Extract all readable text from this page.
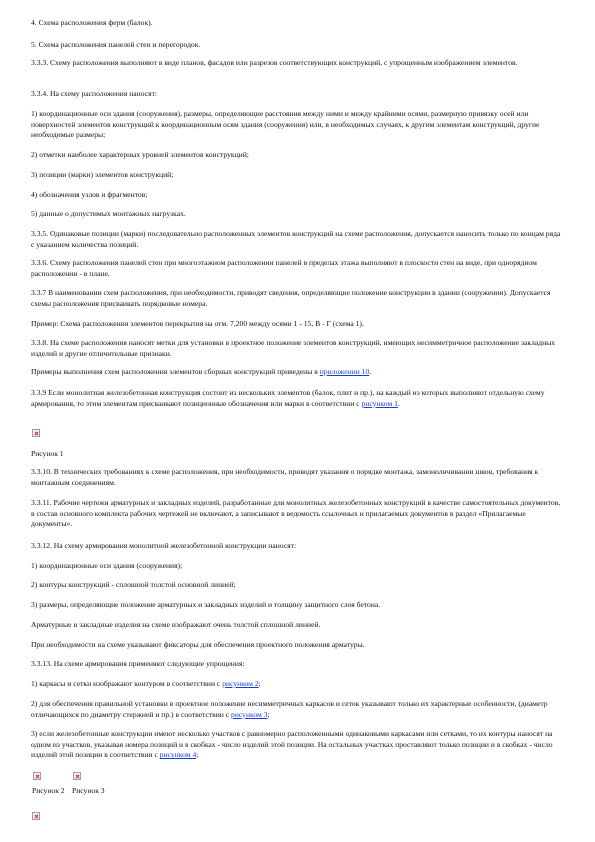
4. Схема расположения ферм (балок).

5. Схема расположения панелей стен и перегородок.

3.3.3. Схему расположения выполняют в виде планов, фасадов или разрезов соответствующих конструкций, с упрощенным изображением элементов.

3.3.4. На схему расположения наносят:

1) координационные оси здания (сооружения), размеры, определяющие расстояния между ними и между крайними осями, размерную привязку осей или поверхностей элементов конструкций к координационным осям здания (сооружения) или, в необходимых случаях, к другим элементам конструкций, другие необходимые размеры;

2) отметки наиболее характерных уровней элементов конструкций;

3) позиции (марки) элементов конструкций;

4) обозначения узлов и фрагментов;

5) данные о допустимых монтажных нагрузках.

3.3.5. Одинаковые позиции (марки) последовательно расположенных элементов конструкций на схеме расположения, допускается наносить только по концам ряда с указанием количества позиций.

3.3.6. Схему расположения панелей стен при многоэтажном расположении панелей в пределах этажа выполняют в плоскости стен на виде, при однорядном расположении - в плане.

3.3.7 В наименовании схем расположения, при необходимости, приводят сведения, определяющие положение конструкции в здании (сооружении). Допускается схемы расположения присваивать порядковые номера.

Пример: Схема расположения элементов перекрытия на отм. 7,200 между осями 1 - 15, В - Г (схема 1).

3.3.8. На схеме расположения наносят метки для установки в проектное положение элементов конструкций, имеющих несимметричное расположение закладных изделий и другие отличительные признаки.

Примеры выполнения схем расположения элементов сборных конструкций приведены в приложении 10.

3.3.9 Если монолитная железобетонная конструкция состоит из нескольких элементов (балок, плит и пр.), на каждый из которых выполняют отдельную схему армирования, то этим элементам присваивают позиционные обозначения или марки в соответствии с рисунком 1.

Рисунок 1

3.3.10. В технических требованиях к схеме расположения, при необходимости, приводят указания о порядке монтажа, замоноличивании швов, требования к монтажным соединениям.

3.3.11. Рабочие чертежи арматурных и закладных изделий, разработанные для монолитных железобетонных конструкций в качестве самостоятельных документов, в состав основного комплекта рабочих чертежей не включают, а записывают в ведомость ссылочных и прилагаемых документов в раздел «Прилагаемые документы».

3.3.12. На схему армирования монолитной железобетонной конструкции наносят:

1) координационные оси здания (сооружения);

2) контуры конструкций - сплошной толстой основной линией;

3) размеры, определяющие положение арматурных и закладных изделий и толщину защитного слоя бетона.

Арматурные и закладные изделия на схеме изображают очень толстой сплошной линией.

При необходимости на схеме указывают фиксаторы для обеспечения проектного положения арматуры.

3.3.13. На схеме армирования применяют следующие упрощения:

1) каркасы и сетки изображают контуром в соответствии с рисунком 2;

2) для обеспечения правильной установки в проектное положение несимметричных каркасов и сеток указывают только их характерные особенности, (диаметр отличающихся по диаметру стержней и пр.) в соответствии с рисунком 3;

3) если железобетонные конструкции имеют несколько участков с равномерно расположенными одинаковыми каркасами или сетками, то их контуры наносят на одном из участков, указывая номера позиций и в скобках - число изделий этой позиции. На остальных участках проставляют только позиции и в скобках - число изделий этой позиции в соответствии с рисунком 4;

Рисунок 2 Рисунок 3
